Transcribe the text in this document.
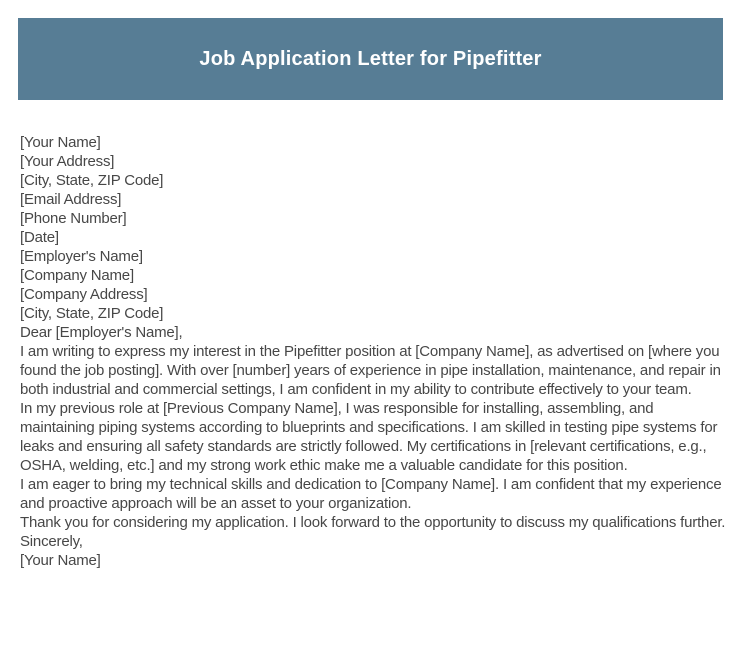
Job Application Letter for Pipefitter
[Your Name]
[Your Address]
[City, State, ZIP Code]
[Email Address]
[Phone Number]
[Date]
[Employer's Name]
[Company Name]
[Company Address]
[City, State, ZIP Code]
Dear [Employer's Name],

I am writing to express my interest in the Pipefitter position at [Company Name], as advertised on [where you found the job posting]. With over [number] years of experience in pipe installation, maintenance, and repair in both industrial and commercial settings, I am confident in my ability to contribute effectively to your team.

In my previous role at [Previous Company Name], I was responsible for installing, assembling, and maintaining piping systems according to blueprints and specifications. I am skilled in testing pipe systems for leaks and ensuring all safety standards are strictly followed. My certifications in [relevant certifications, e.g., OSHA, welding, etc.] and my strong work ethic make me a valuable candidate for this position.

I am eager to bring my technical skills and dedication to [Company Name]. I am confident that my experience and proactive approach will be an asset to your organization.

Thank you for considering my application. I look forward to the opportunity to discuss my qualifications further.

Sincerely,
[Your Name]
